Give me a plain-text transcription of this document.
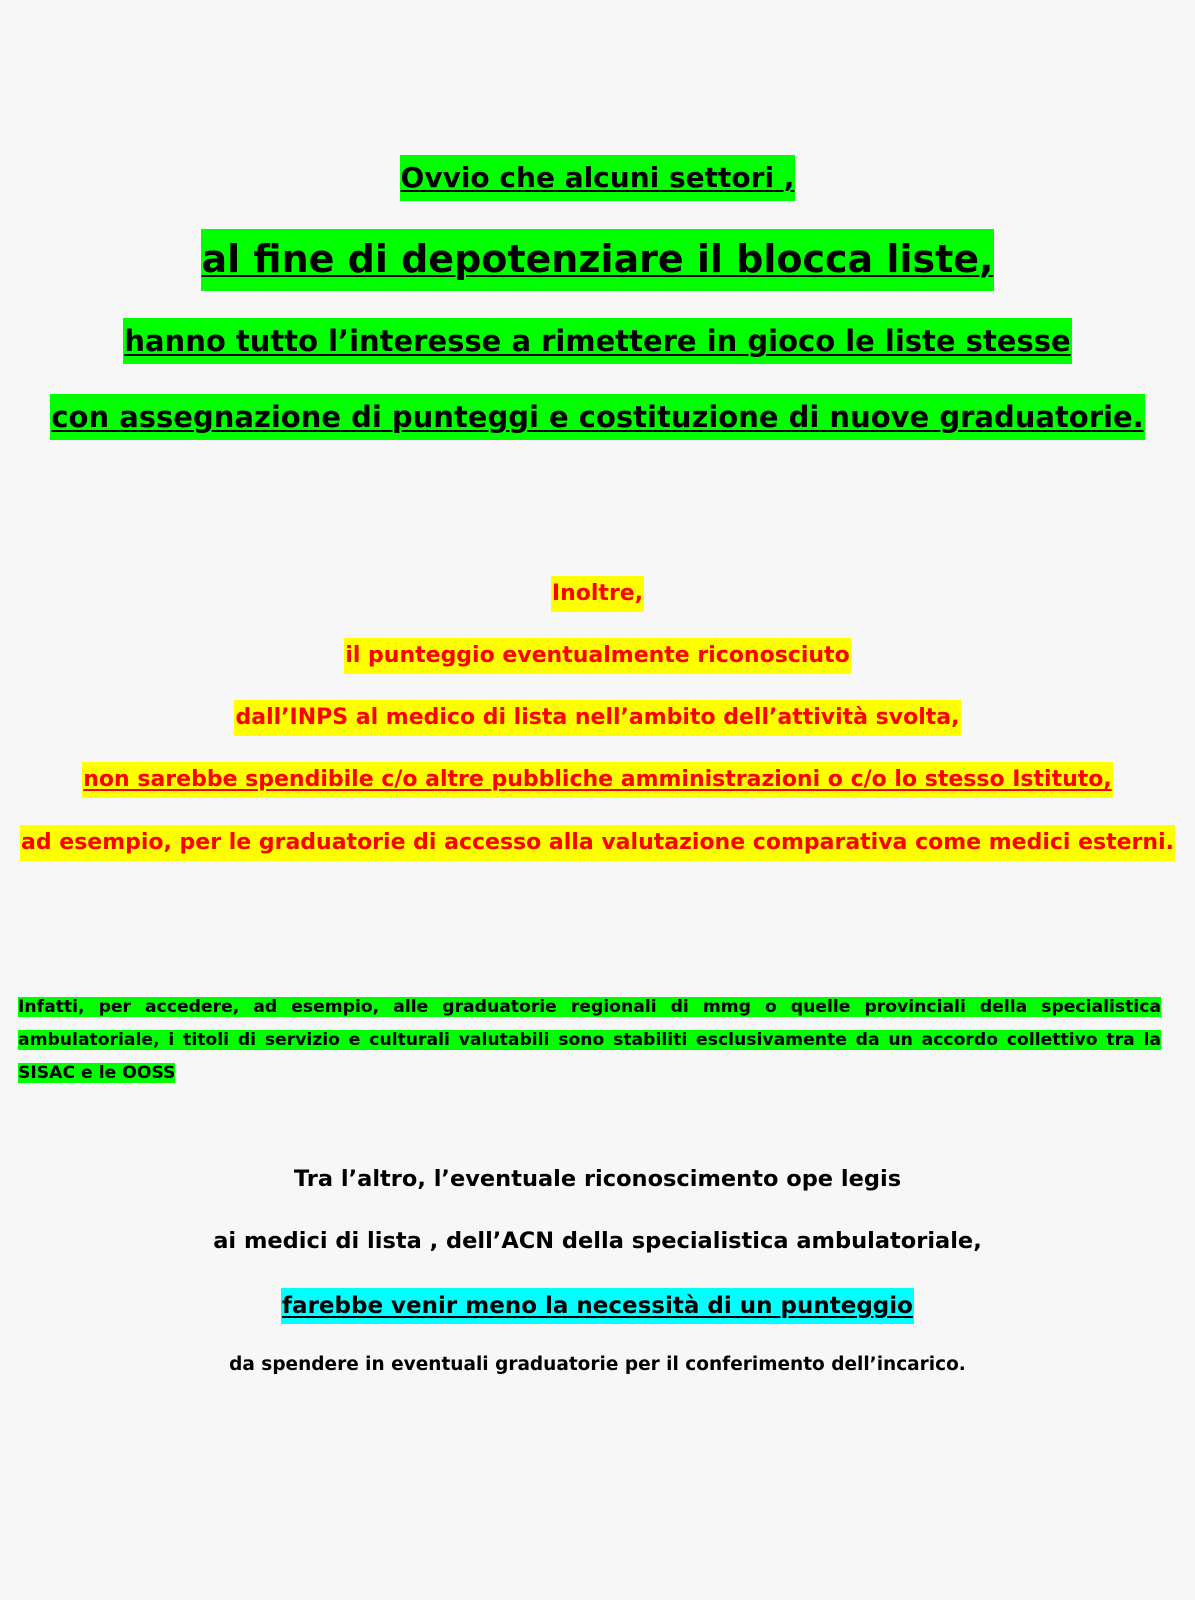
Ovvio che alcuni settori ,
al fine di depotenziare il blocca liste,
hanno tutto l’interesse a rimettere in gioco le liste stesse
con assegnazione di punteggi e costituzione di nuove graduatorie.
Inoltre,
il punteggio eventualmente riconosciuto
dall’INPS al medico di lista nell’ambito dell’attività svolta,
non sarebbe spendibile c/o altre pubbliche amministrazioni o c/o lo stesso Istituto,
ad esempio, per le graduatorie di accesso alla valutazione comparativa come medici esterni.
Infatti, per accedere, ad esempio, alle graduatorie regionali di mmg o quelle provinciali della specialistica ambulatoriale, i titoli di servizio e culturali valutabili sono stabiliti esclusivamente da un accordo collettivo tra la SISAC e le OOSS
Tra l’altro, l’eventuale riconoscimento ope legis
ai medici di lista , dell’ACN della specialistica ambulatoriale,
farebbe venir meno la necessità di un punteggio
da spendere in eventuali graduatorie per il conferimento dell’incarico.
